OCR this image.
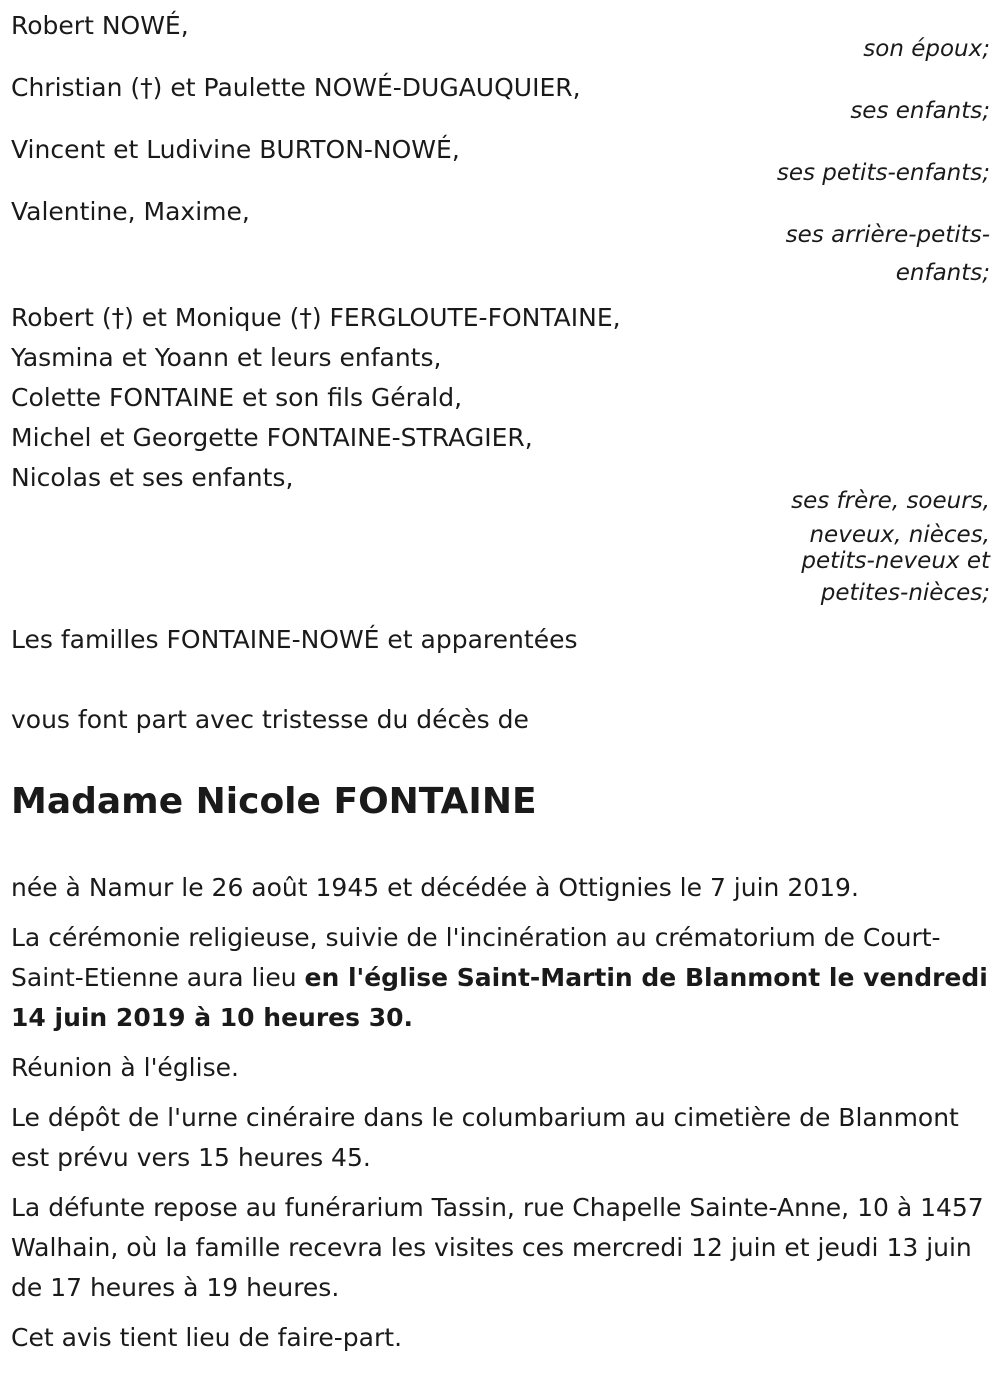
Robert NOWÉ,

son époux;

Christian (†) et Paulette NOWÉ-DUGAUQUIER,

ses enfants;

Vincent et Ludivine BURTON-NOWÉ,

ses petits-enfants;

Valentine, Maxime,

ses arrière-petits-

enfants;

Robert (†) et Monique (†) FERGLOUTE-FONTAINE,

Yasmina et Yoann et leurs enfants,

Colette FONTAINE et son fils Gérald,

Michel et Georgette FONTAINE-STRAGIER,

Nicolas et ses enfants,

ses frère, soeurs,

neveux, nièces,

petits-neveux et

petites-nièces;

Les familles FONTAINE-NOWÉ et apparentées

vous font part avec tristesse du décès de

Madame Nicole FONTAINE

née à Namur le 26 août 1945 et décédée à Ottignies le 7 juin 2019.

La cérémonie religieuse, suivie de l'incinération au crématorium de Court-Saint-Etienne aura lieu en l'église Saint-Martin de Blanmont le vendredi 14 juin 2019 à 10 heures 30.

Réunion à l'église.

Le dépôt de l'urne cinéraire dans le columbarium au cimetière de Blanmont est prévu vers 15 heures 45.

La défunte repose au funérarium Tassin, rue Chapelle Sainte-Anne, 10 à 1457 Walhain, où la famille recevra les visites ces mercredi 12 juin et jeudi 13 juin de 17 heures à 19 heures.

Cet avis tient lieu de faire-part.
